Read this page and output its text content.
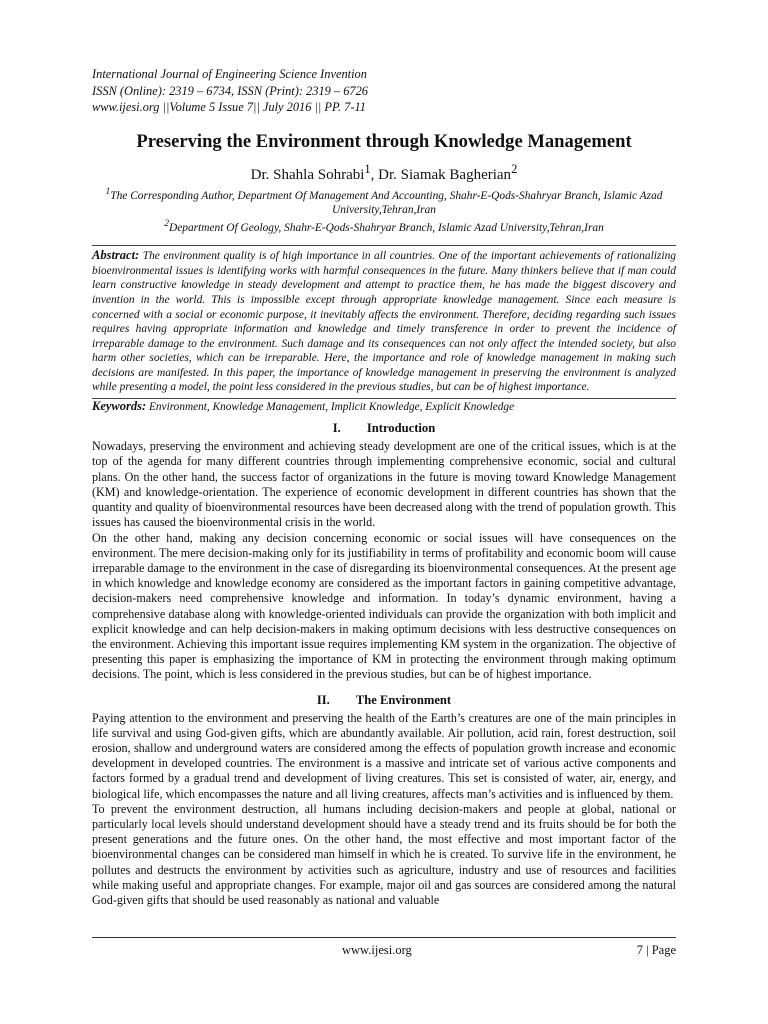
International Journal of Engineering Science Invention

ISSN (Online): 2319 – 6734, ISSN (Print): 2319 – 6726

www.ijesi.org ||Volume 5 Issue 7|| July 2016 || PP. 7-11

Preserving the Environment through Knowledge Management

Dr. Shahla Sohrabi$^1$, Dr. Siamak Bagherian$^2$

$^1$The Corresponding Author, Department Of Management And Accounting, Shahr-E-Qods-Shahryar Branch, Islamic Azad University,Tehran,Iran

$^2$Department Of Geology, Shahr-E-Qods-Shahryar Branch, Islamic Azad University,Tehran,Iran

Abstract: The environment quality is of high importance in all countries. One of the important achievements of rationalizing bioenvironmental issues is identifying works with harmful consequences in the future. Many thinkers believe that if man could learn constructive knowledge in steady development and attempt to practice them, he has made the biggest discovery and invention in the world. This is impossible except through appropriate knowledge management. Since each measure is concerned with a social or economic purpose, it inevitably affects the environment. Therefore, deciding regarding such issues requires having appropriate information and knowledge and timely transference in order to prevent the incidence of irreparable damage to the environment. Such damage and its consequences can not only affect the intended society, but also harm other societies, which can be irreparable. Here, the importance and role of knowledge management in making such decisions are manifested. In this paper, the importance of knowledge management in preserving the environment is analyzed while presenting a model, the point less considered in the previous studies, but can be of highest importance.

Keywords: Environment, Knowledge Management, Implicit Knowledge, Explicit Knowledge

I. Introduction

Nowadays, preserving the environment and achieving steady development are one of the critical issues, which is at the top of the agenda for many different countries through implementing comprehensive economic, social and cultural plans. On the other hand, the success factor of organizations in the future is moving toward Knowledge Management (KM) and knowledge-orientation. The experience of economic development in different countries has shown that the quantity and quality of bioenvironmental resources have been decreased along with the trend of population growth. This issues has caused the bioenvironmental crisis in the world.

On the other hand, making any decision concerning economic or social issues will have consequences on the environment. The mere decision-making only for its justifiability in terms of profitability and economic boom will cause irreparable damage to the environment in the case of disregarding its bioenvironmental consequences. At the present age in which knowledge and knowledge economy are considered as the important factors in gaining competitive advantage, decision-makers need comprehensive knowledge and information. In today’s dynamic environment, having a comprehensive database along with knowledge-oriented individuals can provide the organization with both implicit and explicit knowledge and can help decision-makers in making optimum decisions with less destructive consequences on the environment. Achieving this important issue requires implementing KM system in the organization. The objective of presenting this paper is emphasizing the importance of KM in protecting the environment through making optimum decisions. The point, which is less considered in the previous studies, but can be of highest importance.

II. The Environment

Paying attention to the environment and preserving the health of the Earth’s creatures are one of the main principles in life survival and using God-given gifts, which are abundantly available. Air pollution, acid rain, forest destruction, soil erosion, shallow and underground waters are considered among the effects of population growth increase and economic development in developed countries. The environment is a massive and intricate set of various active components and factors formed by a gradual trend and development of living creatures. This set is consisted of water, air, energy, and biological life, which encompasses the nature and all living creatures, affects man’s activities and is influenced by them.

To prevent the environment destruction, all humans including decision-makers and people at global, national or particularly local levels should understand development should have a steady trend and its fruits should be for both the present generations and the future ones. On the other hand, the most effective and most important factor of the bioenvironmental changes can be considered man himself in which he is created. To survive life in the environment, he pollutes and destructs the environment by activities such as agriculture, industry and use of resources and facilities while making useful and appropriate changes. For example, major oil and gas sources are considered among the natural God-given gifts that should be used reasonably as national and valuable

www.ijesi.org	7 | Page
